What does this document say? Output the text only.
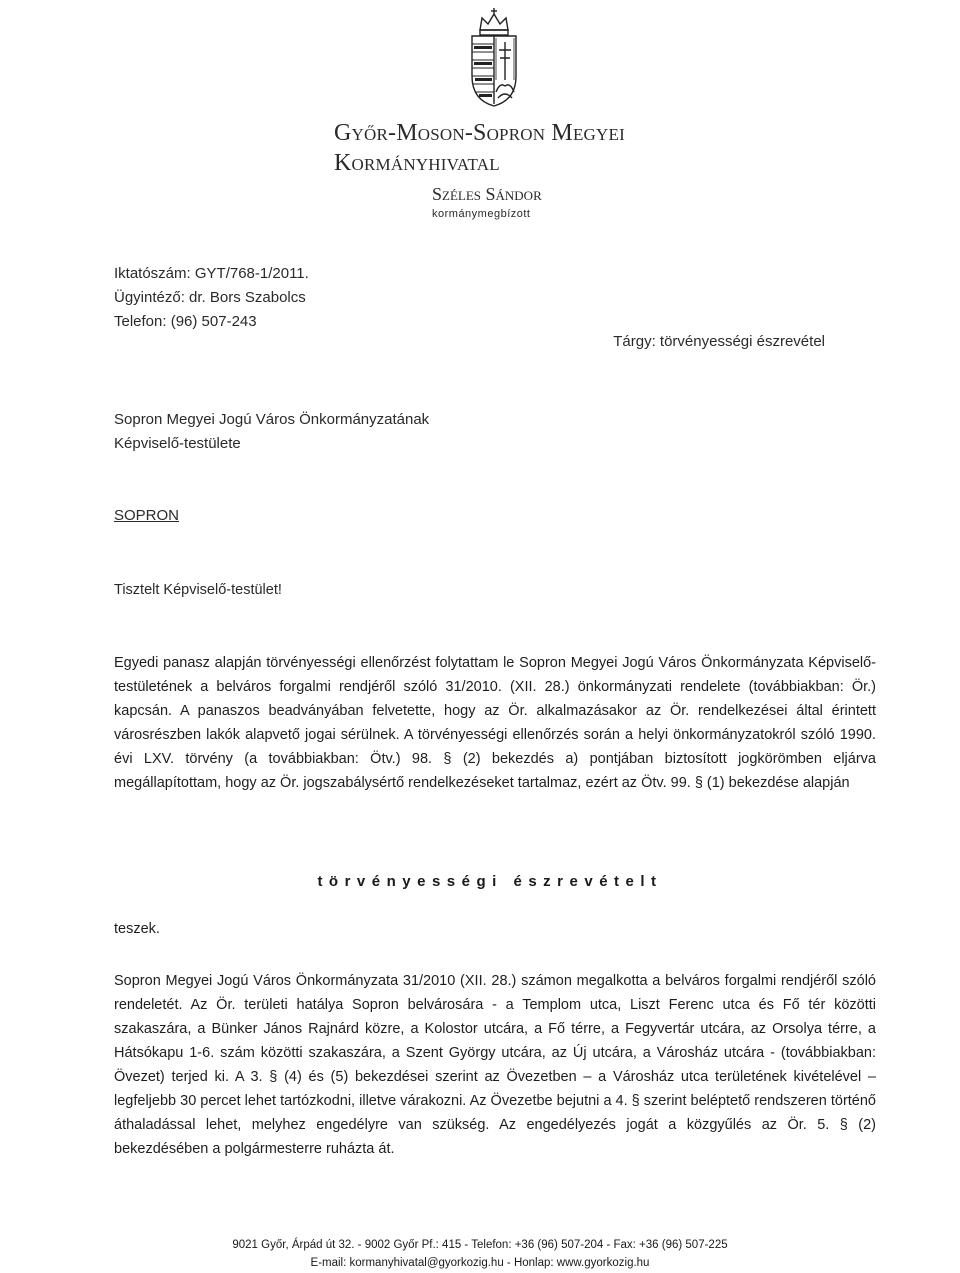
Győr-Moson-Sopron Megyei
Kormányhivatal
Széles Sándor
kormánymegbízott
Iktatószám: GYT/768-1/2011.
Ügyintéző: dr. Bors Szabolcs
Telefon: (96) 507-243
Tárgy: törvényességi észrevétel
Sopron Megyei Jogú Város Önkormányzatának
Képviselő-testülete
SOPRON
Tisztelt Képviselő-testület!
Egyedi panasz alapján törvényességi ellenőrzést folytattam le Sopron Megyei Jogú Város Önkormányzata Képviselő-testületének a belváros forgalmi rendjéről szóló 31/2010. (XII. 28.) önkormányzati rendelete (továbbiakban: Ör.) kapcsán. A panaszos beadványában felvetette, hogy az Ör. alkalmazásakor az Ör. rendelkezései által érintett városrészben lakók alapvető jogai sérülnek. A törvényességi ellenőrzés során a helyi önkormányzatokról szóló 1990. évi LXV. törvény (a továbbiakban: Ötv.) 98. § (2) bekezdés a) pontjában biztosított jogkörömben eljárva megállapítottam, hogy az Ör. jogszabálysértő rendelkezéseket tartalmaz, ezért az Ötv. 99. § (1) bekezdése alapján
törvényességi észrevételt
teszek.
Sopron Megyei Jogú Város Önkormányzata 31/2010 (XII. 28.) számon megalkotta a belváros forgalmi rendjéről szóló rendeletét. Az Ör. területi hatálya Sopron belvárosára - a Templom utca, Liszt Ferenc utca és Fő tér közötti szakaszára, a Bünker János Rajnárd közre, a Kolostor utcára, a Fő térre, a Fegyvertár utcára, az Orsolya térre, a Hátsókapu 1-6. szám közötti szakaszára, a Szent György utcára, az Új utcára, a Városház utcára - (továbbiakban: Övezet) terjed ki. A 3. § (4) és (5) bekezdései szerint az Övezetben – a Városház utca területének kivételével – legfeljebb 30 percet lehet tartózkodni, illetve várakozni. Az Övezetbe bejutni a 4. § szerint beléptető rendszeren történő áthaladással lehet, melyhez engedélyre van szükség. Az engedélyezés jogát a közgyűlés az Ör. 5. § (2) bekezdésében a polgármesterre ruházta át.
9021 Győr, Árpád út 32. - 9002 Győr Pf.: 415 - Telefon: +36 (96) 507-204 - Fax: +36 (96) 507-225
E-mail: kormanyhivatal@gyorkozig.hu - Honlap: www.gyorkozig.hu
